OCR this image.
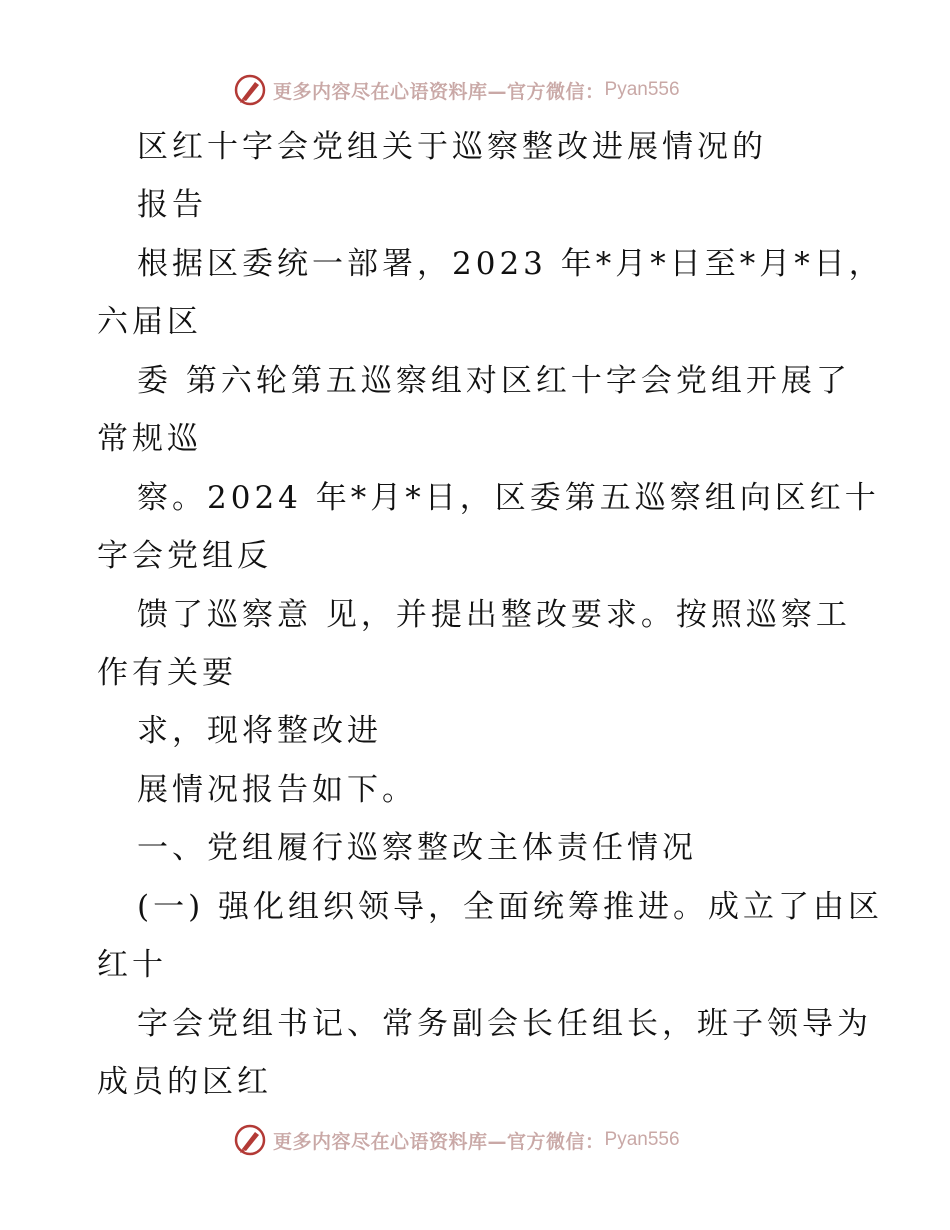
更多内容尽在心语资料库—官方微信： Pyan556
区红十字会党组关于巡察整改进展情况的
报告
根据区委统一部署，2023 年*月*日至*月*日，
六届区
委 第六轮第五巡察组对区红十字会党组开展了
常规巡
察。2024 年*月*日，区委第五巡察组向区红十
字会党组反
馈了巡察意 见，并提出整改要求。按照巡察工
作有关要
求，现将整改进
展情况报告如下。
一、党组履行巡察整改主体责任情况
(一) 强化组织领导，全面统筹推进。成立了由区
红十
字会党组书记、常务副会长任组长，班子领导为
成员的区红
更多内容尽在心语资料库—官方微信： Pyan556
